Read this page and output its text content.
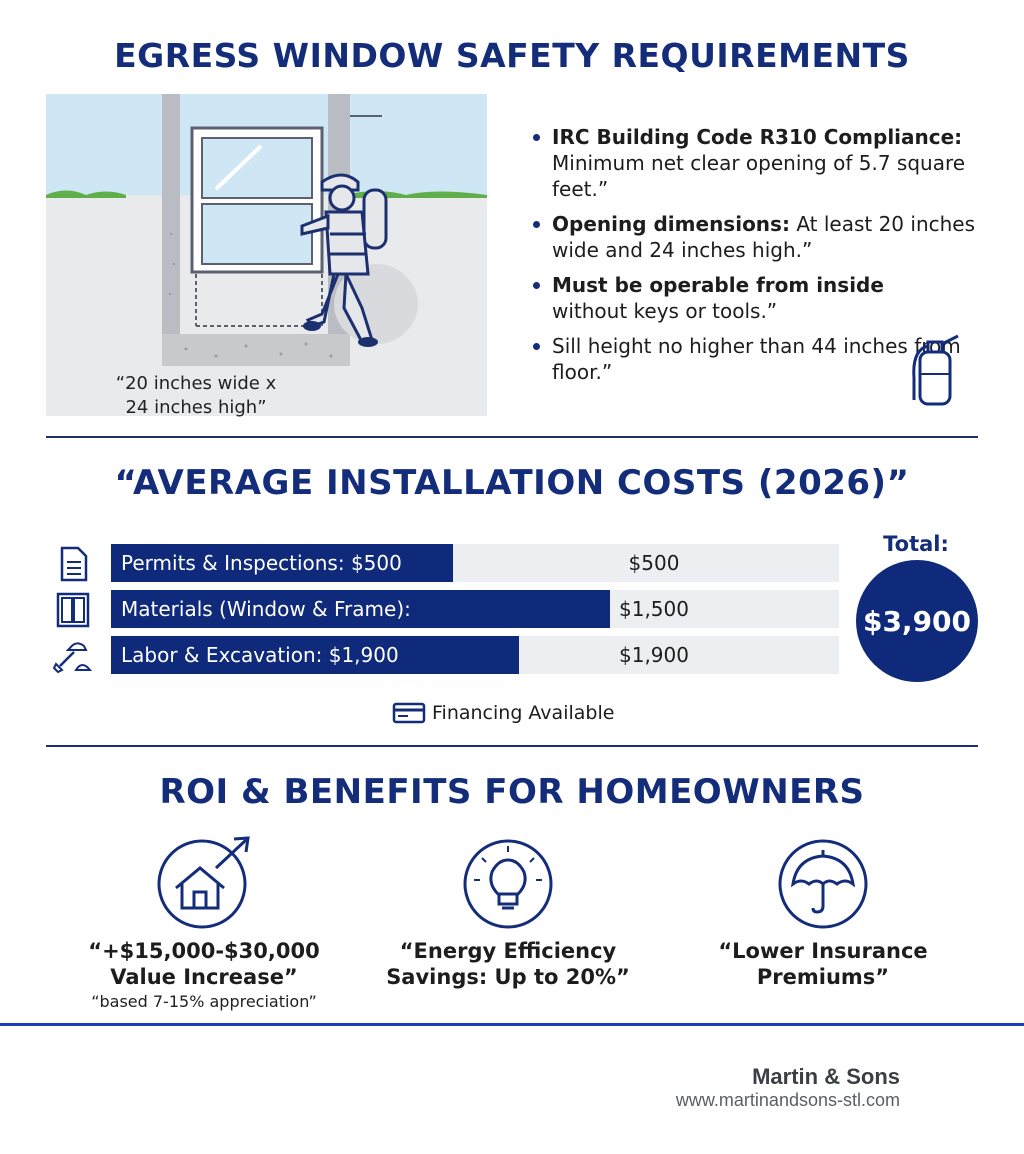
EGRESS WINDOW SAFETY REQUIREMENTS
“20 inches wide x
24 inches high”
IRC Building Code R310 Compliance:
Minimum net clear opening of 5.7 square feet.”
Opening dimensions: At least 20 inches wide and 24 inches high.”
Must be operable from inside
without keys or tools.”
Sill height no higher than 44 inches from floor.”
“AVERAGE INSTALLATION COSTS (2026)”
Permits & Inspections: $500	$500
Materials (Window & Frame):	$1,500
Labor & Excavation: $1,900	$1,900
Total:
$3,900
Financing Available
ROI & BENEFITS FOR HOMEOWNERS
“+$15,000-$30,000
Value Increase”
“based 7-15% appreciation”
“Energy Efficiency
Savings: Up to 20%”
“Lower Insurance
Premiums”
Martin & Sons
www.martinandsons-stl.com
